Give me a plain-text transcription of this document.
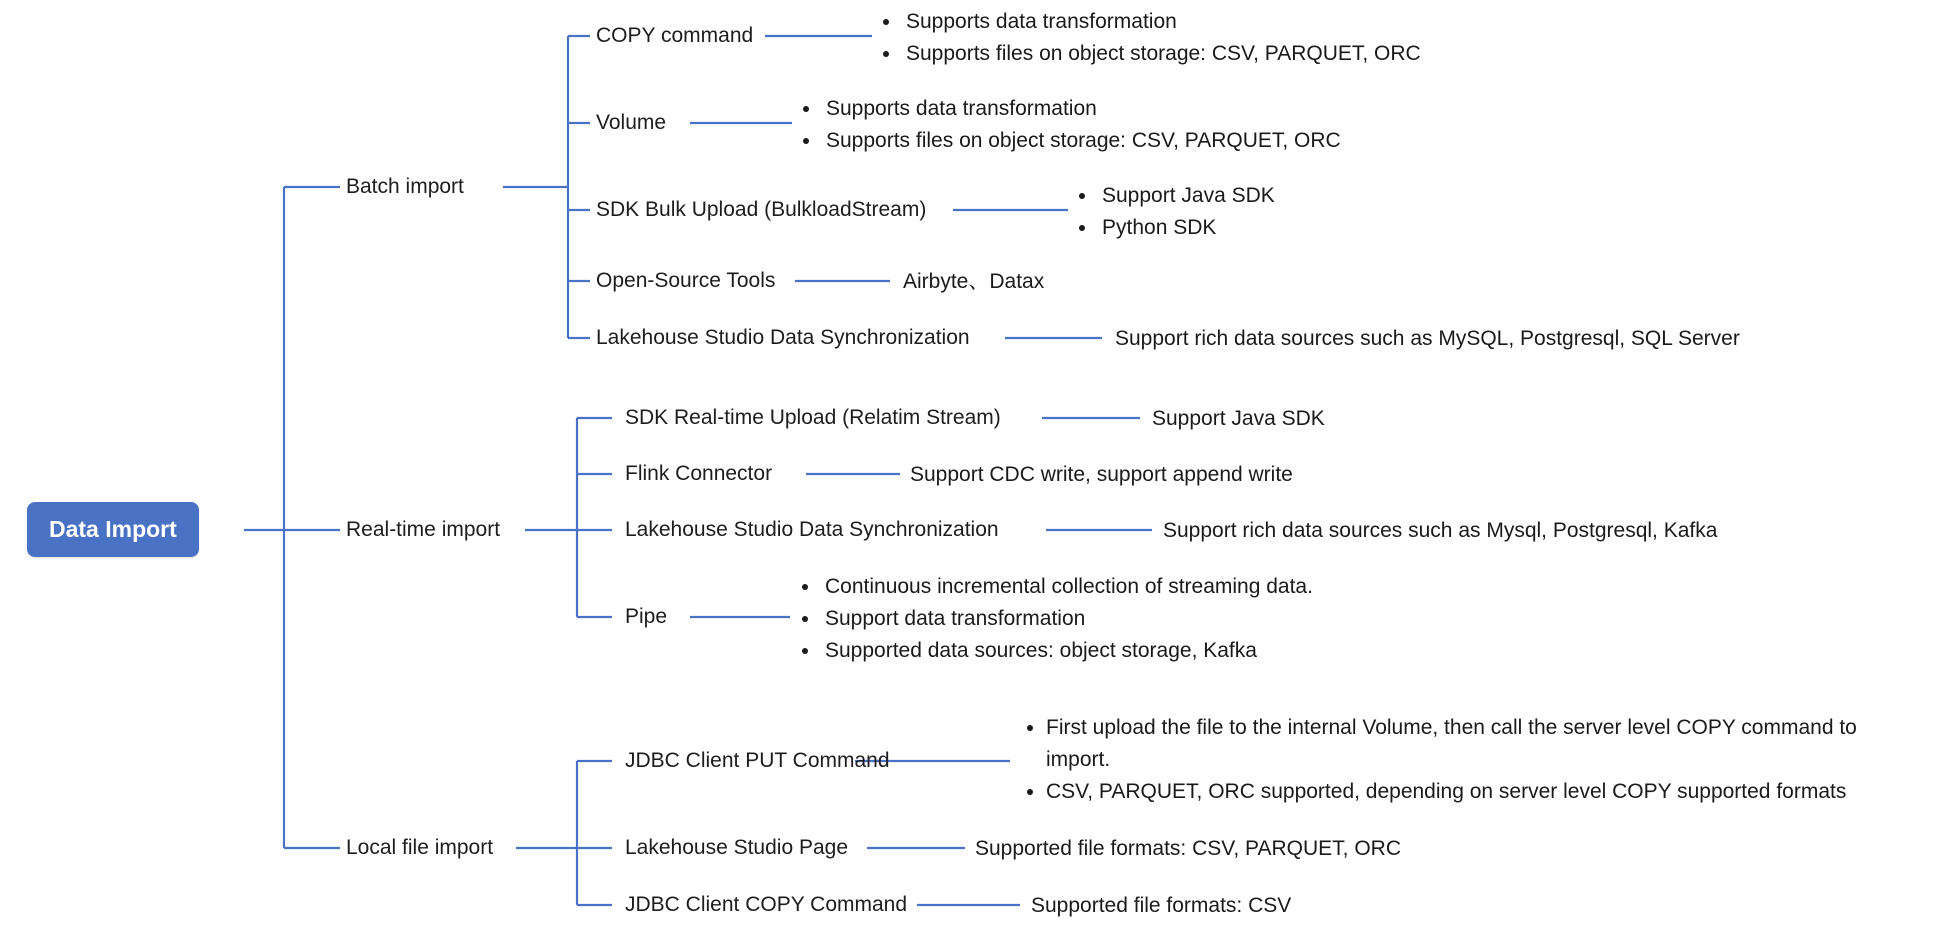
Data Import
Batch import
COPY command
• Supports data transformation
• Supports files on object storage: CSV, PARQUET, ORC
Volume
• Supports data transformation
• Supports files on object storage: CSV, PARQUET, ORC
SDK Bulk Upload (BulkloadStream)
• Support Java SDK
• Python SDK
Open-Source Tools	Airbyte、Datax
Lakehouse Studio Data Synchronization	Support rich data sources such as MySQL, Postgresql, SQL Server
Real-time import
SDK Real-time Upload (Relatim Stream)	Support Java SDK
Flink Connector	Support CDC write, support append write
Lakehouse Studio Data Synchronization	Support rich data sources such as Mysql, Postgresql, Kafka
Pipe
• Continuous incremental collection of streaming data.
• Support data transformation
• Supported data sources: object storage, Kafka
Local file import
JDBC Client PUT Command
• First upload the file to the internal Volume, then call the server level COPY command to import.
• CSV, PARQUET, ORC supported, depending on server level COPY supported formats
Lakehouse Studio Page	Supported file formats: CSV, PARQUET, ORC
JDBC Client COPY Command	Supported file formats: CSV
